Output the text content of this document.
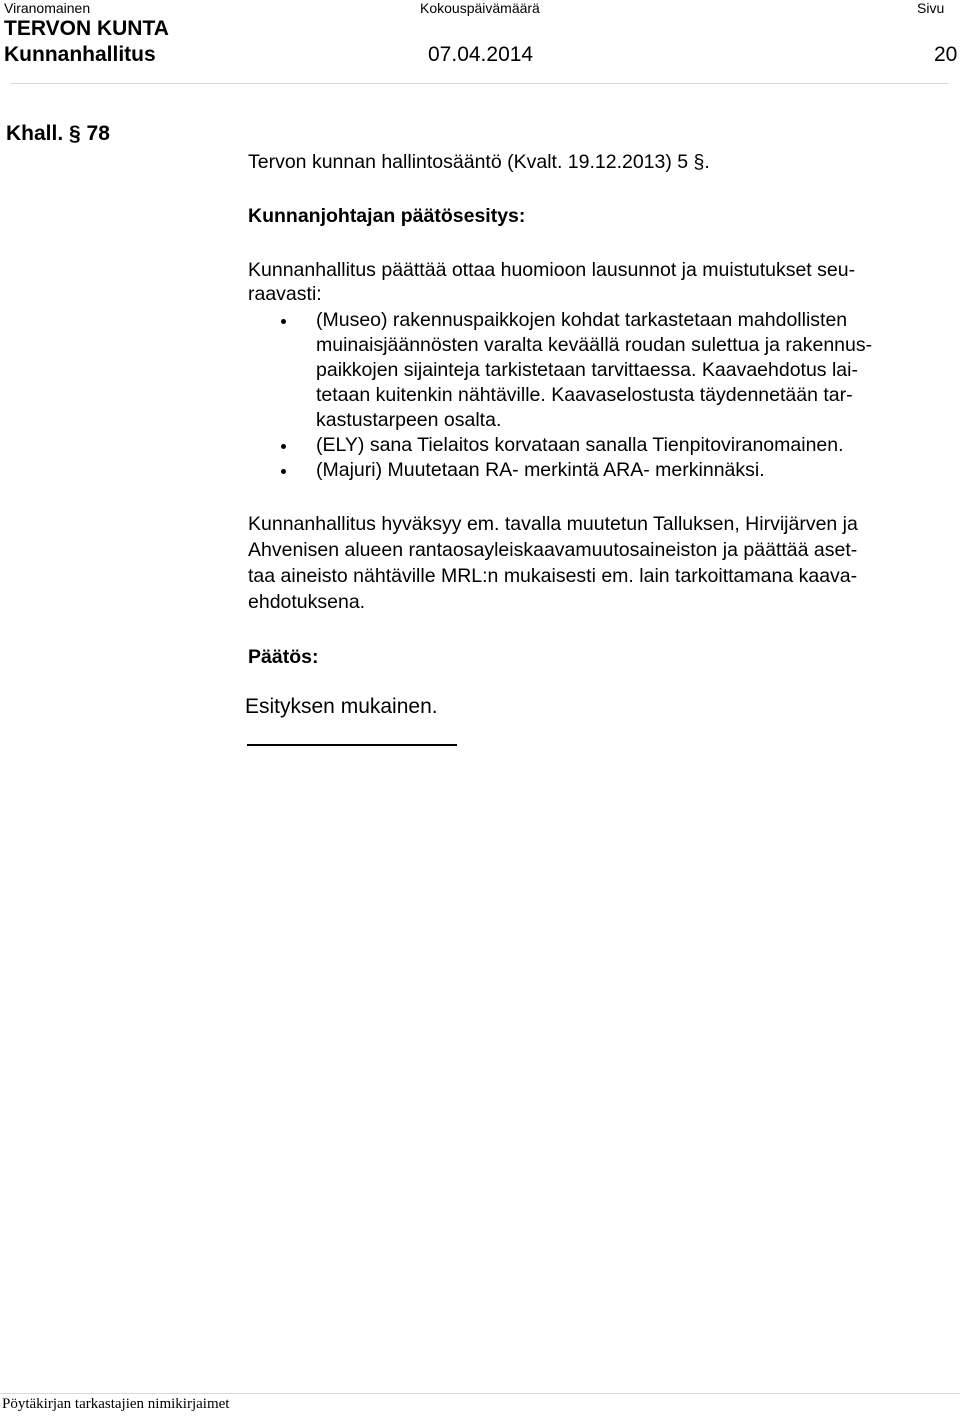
Viranomainen	Kokouspäivämäärä	Sivu
TERVON KUNTA
Kunnanhallitus	07.04.2014	20
Khall. § 78
Tervon kunnan hallintosääntö (Kvalt. 19.12.2013) 5 §.
Kunnanjohtajan päätösesitys:
Kunnanhallitus päättää ottaa huomioon lausunnot ja muistutukset seu-
raavasti:
(Museo) rakennuspaikkojen kohdat tarkastetaan mahdollisten
muinaisjäännösten varalta keväällä roudan sulettua ja rakennus-
paikkojen sijainteja tarkistetaan tarvittaessa. Kaavaehdotus lai-
tetaan kuitenkin nähtäville. Kaavaselostusta täydennetään tar-
kastustarpeen osalta.
(ELY) sana Tielaitos korvataan sanalla Tienpitoviranomainen.
(Majuri) Muutetaan RA- merkintä ARA- merkinnäksi.
Kunnanhallitus hyväksyy em. tavalla muutetun Talluksen, Hirvijärven ja
Ahvenisen alueen rantaosayleiskaavamuutosaineiston ja päättää aset-
taa aineisto nähtäville MRL:n mukaisesti em. lain tarkoittamana kaava-
ehdotuksena.
Päätös:
Esityksen mukainen.
Pöytäkirjan tarkastajien nimikirjaimet
